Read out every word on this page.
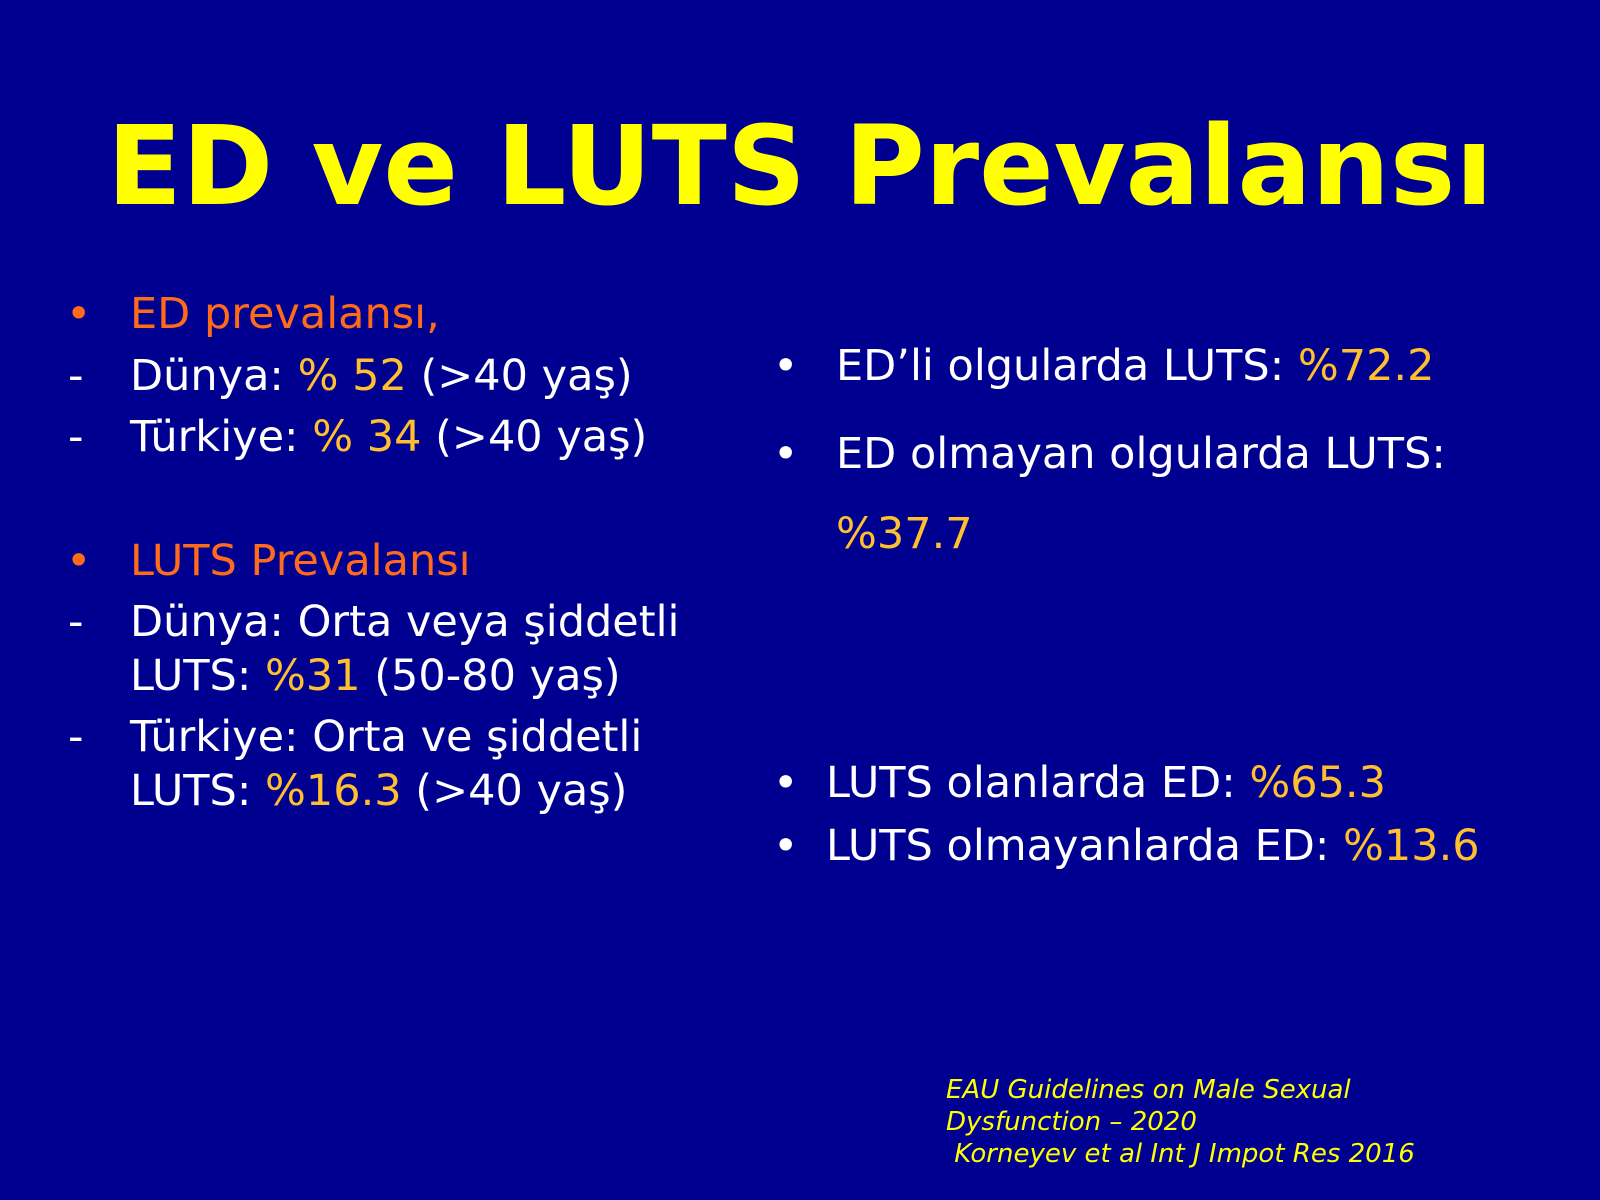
ED ve LUTS Prevalansı
• ED prevalansı,
- Dünya: % 52 (>40 yaş)
- Türkiye: % 34 (>40 yaş)
• LUTS Prevalansı
- Dünya: Orta veya şiddetli
LUTS: %31 (50-80 yaş)
- Türkiye: Orta ve şiddetli
LUTS: %16.3 (>40 yaş)
• ED’li olgularda LUTS: %72.2
• ED olmayan olgularda LUTS:
%37.7
• LUTS olanlarda ED: %65.3
• LUTS olmayanlarda ED: %13.6
EAU Guidelines on Male Sexual
Dysfunction – 2020
Korneyev et al Int J Impot Res 2016
